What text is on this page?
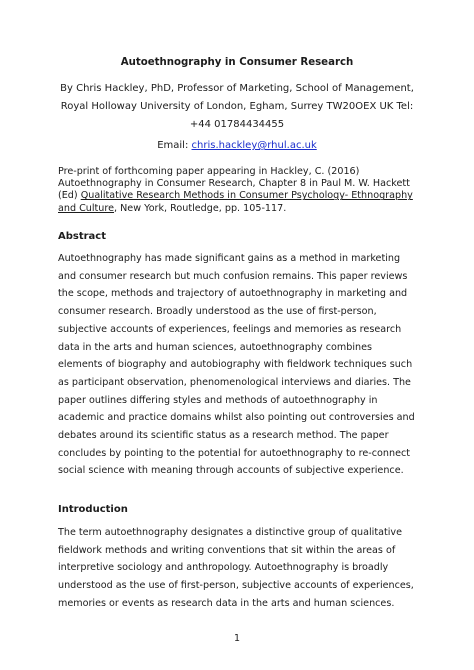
Autoethnography in Consumer Research
By Chris Hackley, PhD, Professor of Marketing, School of Management,
Royal Holloway University of London, Egham, Surrey TW20OEX UK Tel:
+44 01784434455
Email: chris.hackley@rhul.ac.uk
Pre-print of forthcoming paper appearing in Hackley, C. (2016)
Autoethnography in Consumer Research, Chapter 8 in Paul M. W. Hackett
(Ed) Qualitative Research Methods in Consumer Psychology- Ethnography
and Culture, New York, Routledge, pp. 105-117.
Abstract
Autoethnography has made significant gains as a method in marketing
and consumer research but much confusion remains. This paper reviews
the scope, methods and trajectory of autoethnography in marketing and
consumer research. Broadly understood as the use of first-person,
subjective accounts of experiences, feelings and memories as research
data in the arts and human sciences, autoethnography combines
elements of biography and autobiography with fieldwork techniques such
as participant observation, phenomenological interviews and diaries. The
paper outlines differing styles and methods of autoethnography in
academic and practice domains whilst also pointing out controversies and
debates around its scientific status as a research method. The paper
concludes by pointing to the potential for autoethnography to re-connect
social science with meaning through accounts of subjective experience.
Introduction
The term autoethnography designates a distinctive group of qualitative
fieldwork methods and writing conventions that sit within the areas of
interpretive sociology and anthropology. Autoethnography is broadly
understood as the use of first-person, subjective accounts of experiences,
memories or events as research data in the arts and human sciences.
1
